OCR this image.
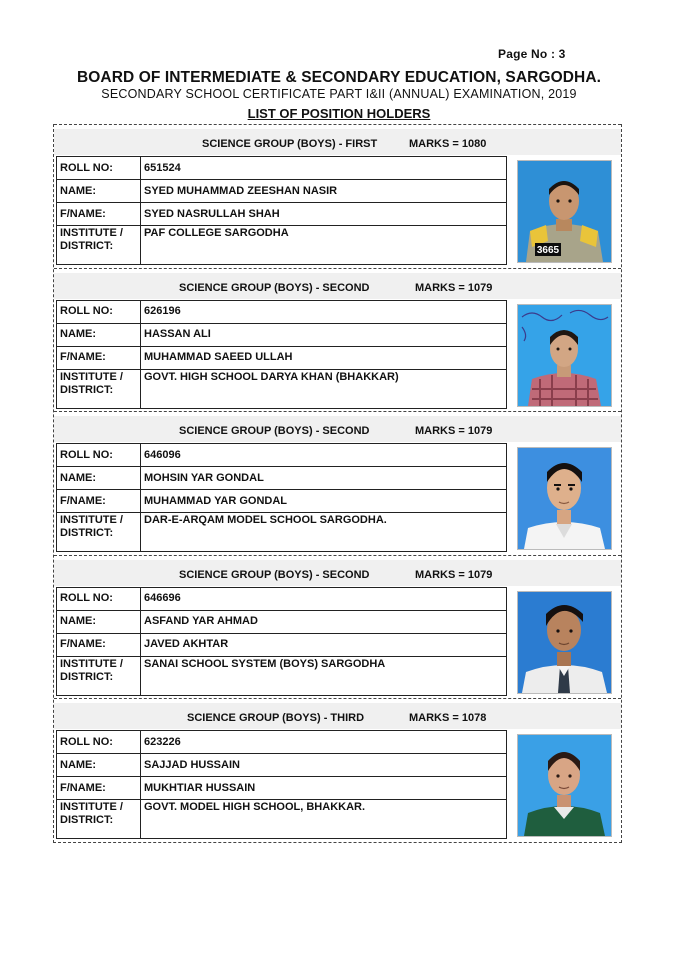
Page No : 3
BOARD OF INTERMEDIATE & SECONDARY EDUCATION, SARGODHA.
SECONDARY SCHOOL CERTIFICATE PART I&II (ANNUAL) EXAMINATION, 2019
LIST OF POSITION HOLDERS
SCIENCE GROUP (BOYS) - FIRST	MARKS = 1080
ROLL NO:	651524
NAME:	SYED MUHAMMAD ZEESHAN NASIR
F/NAME:	SYED NASRULLAH SHAH

INSTITUTE /
DISTRICT:	PAF COLLEGE SARGODHA
3665
SCIENCE GROUP (BOYS) - SECOND	MARKS = 1079
ROLL NO:	626196
NAME:	HASSAN ALI
F/NAME:	MUHAMMAD SAEED ULLAH

INSTITUTE /
DISTRICT:	GOVT. HIGH SCHOOL DARYA KHAN (BHAKKAR)
SCIENCE GROUP (BOYS) - SECOND	MARKS = 1079
ROLL NO:	646096
NAME:	MOHSIN YAR GONDAL
F/NAME:	MUHAMMAD YAR GONDAL

INSTITUTE /
DISTRICT:	DAR-E-ARQAM MODEL SCHOOL SARGODHA.
SCIENCE GROUP (BOYS) - SECOND	MARKS = 1079
ROLL NO:	646696
NAME:	ASFAND YAR AHMAD
F/NAME:	JAVED AKHTAR

INSTITUTE /
DISTRICT:	SANAI SCHOOL SYSTEM (BOYS) SARGODHA
SCIENCE GROUP (BOYS) - THIRD	MARKS = 1078
ROLL NO:	623226
NAME:	SAJJAD HUSSAIN
F/NAME:	MUKHTIAR HUSSAIN

INSTITUTE /
DISTRICT:	GOVT. MODEL HIGH SCHOOL, BHAKKAR.
